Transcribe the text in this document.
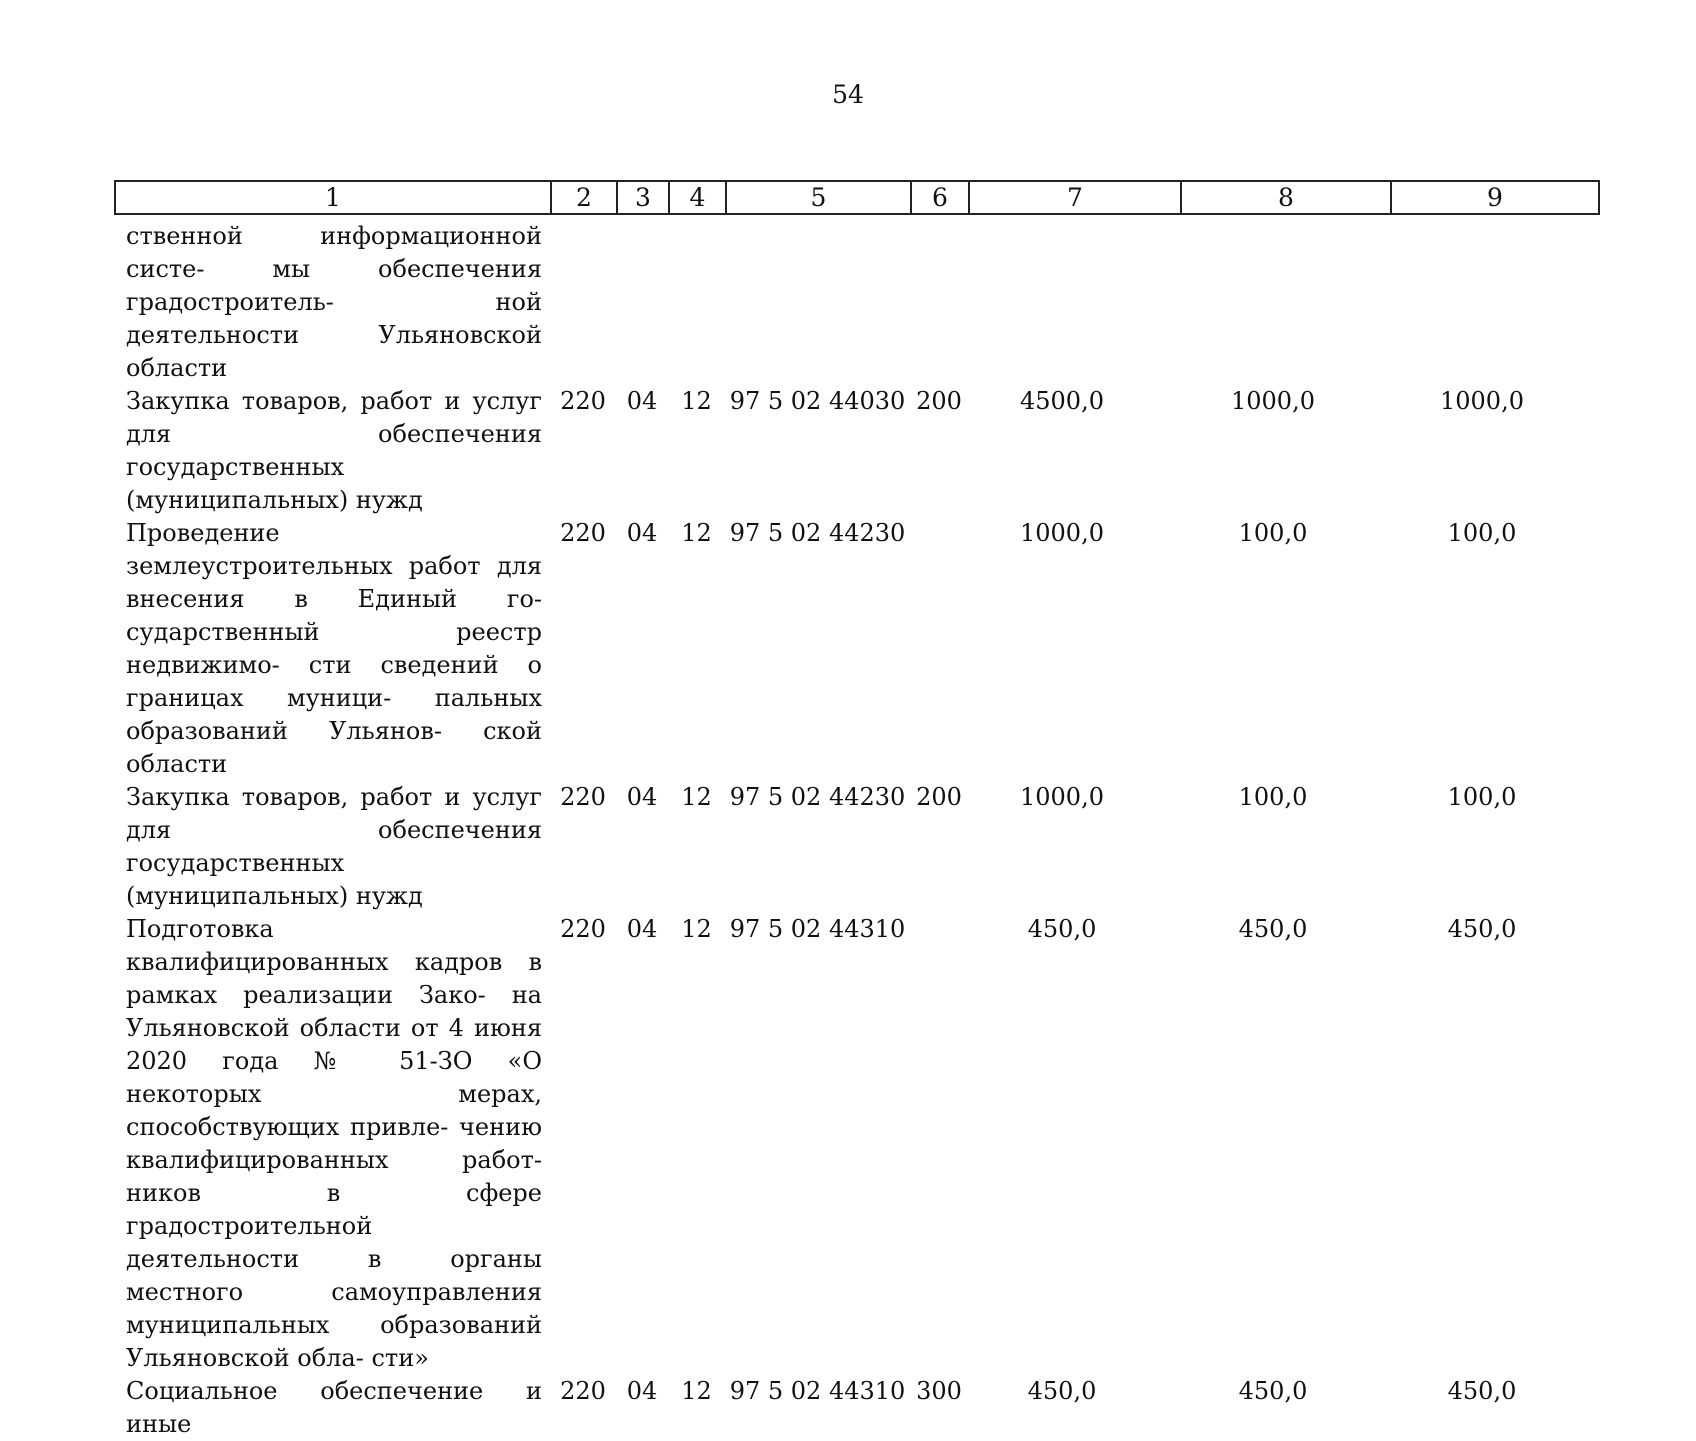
54
1	2	3	4	5	6	7	8	9
ственной информационной систе- мы обеспечения градостроитель- ной деятельности Ульяновской области								
Закупка товаров, работ и услуг для обеспечения государственных (муниципальных) нужд	220	04	12	97 5 02 44030	200	4500,0	1000,0	1000,0
Проведение землеустроительных работ для внесения в Единый го- сударственный реестр недвижимо- сти сведений о границах муници- пальных образований Ульянов- ской области	220	04	12	97 5 02 44230		1000,0	100,0	100,0
Закупка товаров, работ и услуг для обеспечения государственных (муниципальных) нужд	220	04	12	97 5 02 44230	200	1000,0	100,0	100,0
Подготовка квалифицированных кадров в рамках реализации Зако- на Ульяновской области от 4 июня 2020 года № 51-ЗО «О некоторых мерах, способствующих привле- чению квалифицированных работ- ников в сфере градостроительной деятельности в органы местного самоуправления муниципальных образований Ульяновской обла- сти»	220	04	12	97 5 02 44310		450,0	450,0	450,0
Социальное обеспечение и иные	220	04	12	97 5 02 44310	300	450,0	450,0	450,0
